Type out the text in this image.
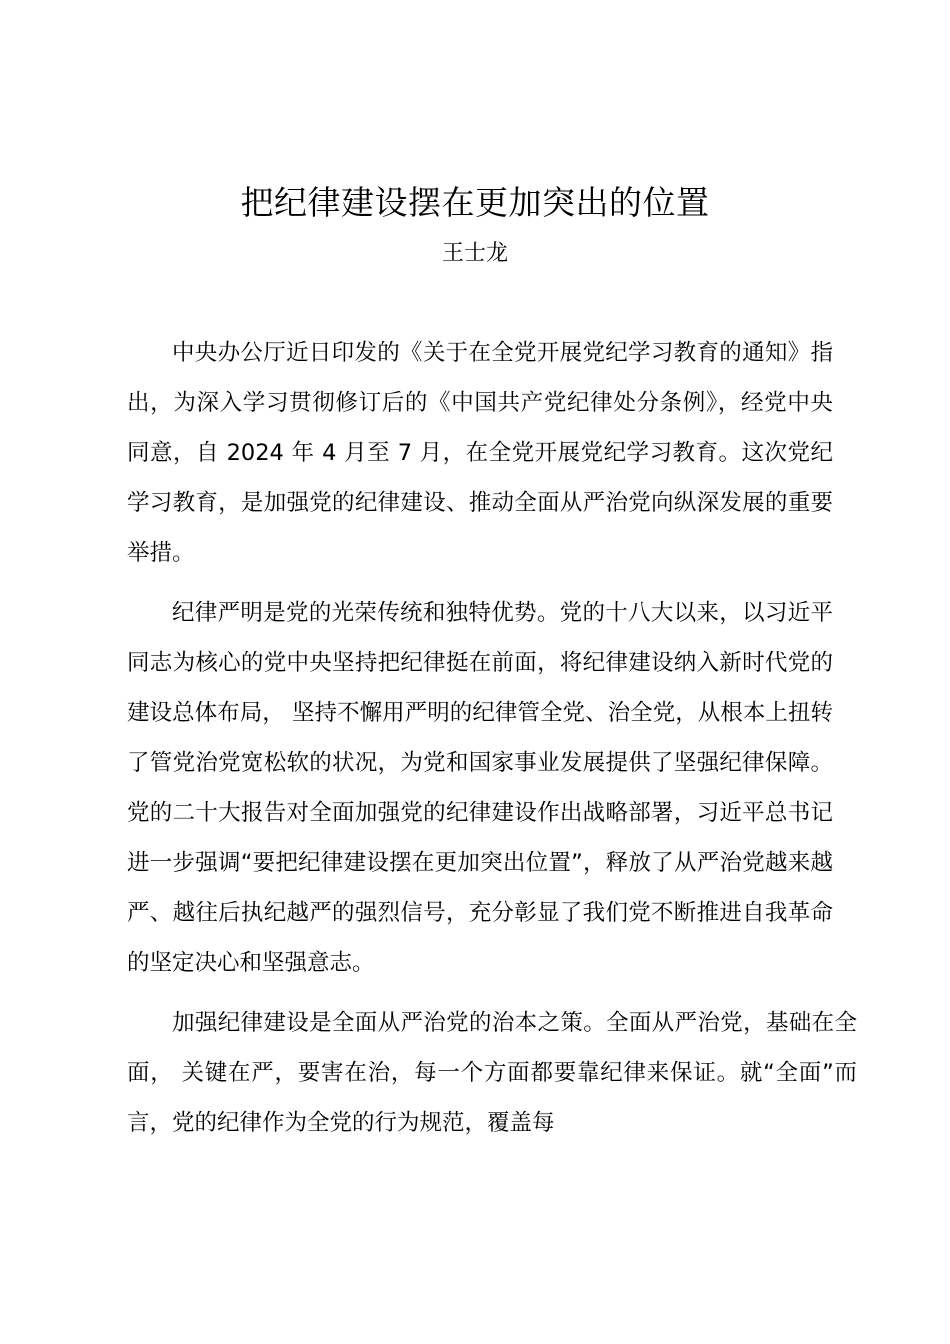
把纪律建设摆在更加突出的位置
王士龙

中央办公厅近日印发的《关于在全党开展党纪学习教育的通知》指出，为深入学习贯彻修订后的《中国共产党纪律处分条例》，经党中央同意，自 2024 年 4 月至 7 月，在全党开展党纪学习教育。这次党纪学习教育，是加强党的纪律建设、推动全面从严治党向纵深发展的重要举措。

纪律严明是党的光荣传统和独特优势。党的十八大以来，以习近平同志为核心的党中央坚持把纪律挺在前面，将纪律建设纳入新时代党的建设总体布局， 坚持不懈用严明的纪律管全党、治全党，从根本上扭转了管党治党宽松软的状况，为党和国家事业发展提供了坚强纪律保障。党的二十大报告对全面加强党的纪律建设作出战略部署，习近平总书记进一步强调“要把纪律建设摆在更加突出位置”，释放了从严治党越来越严、越往后执纪越严的强烈信号，充分彰显了我们党不断推进自我革命的坚定决心和坚强意志。

加强纪律建设是全面从严治党的治本之策。全面从严治党，基础在全面， 关键在严，要害在治，每一个方面都要靠纪律来保证。就“全面”而言，党的纪律作为全党的行为规范，覆盖每
